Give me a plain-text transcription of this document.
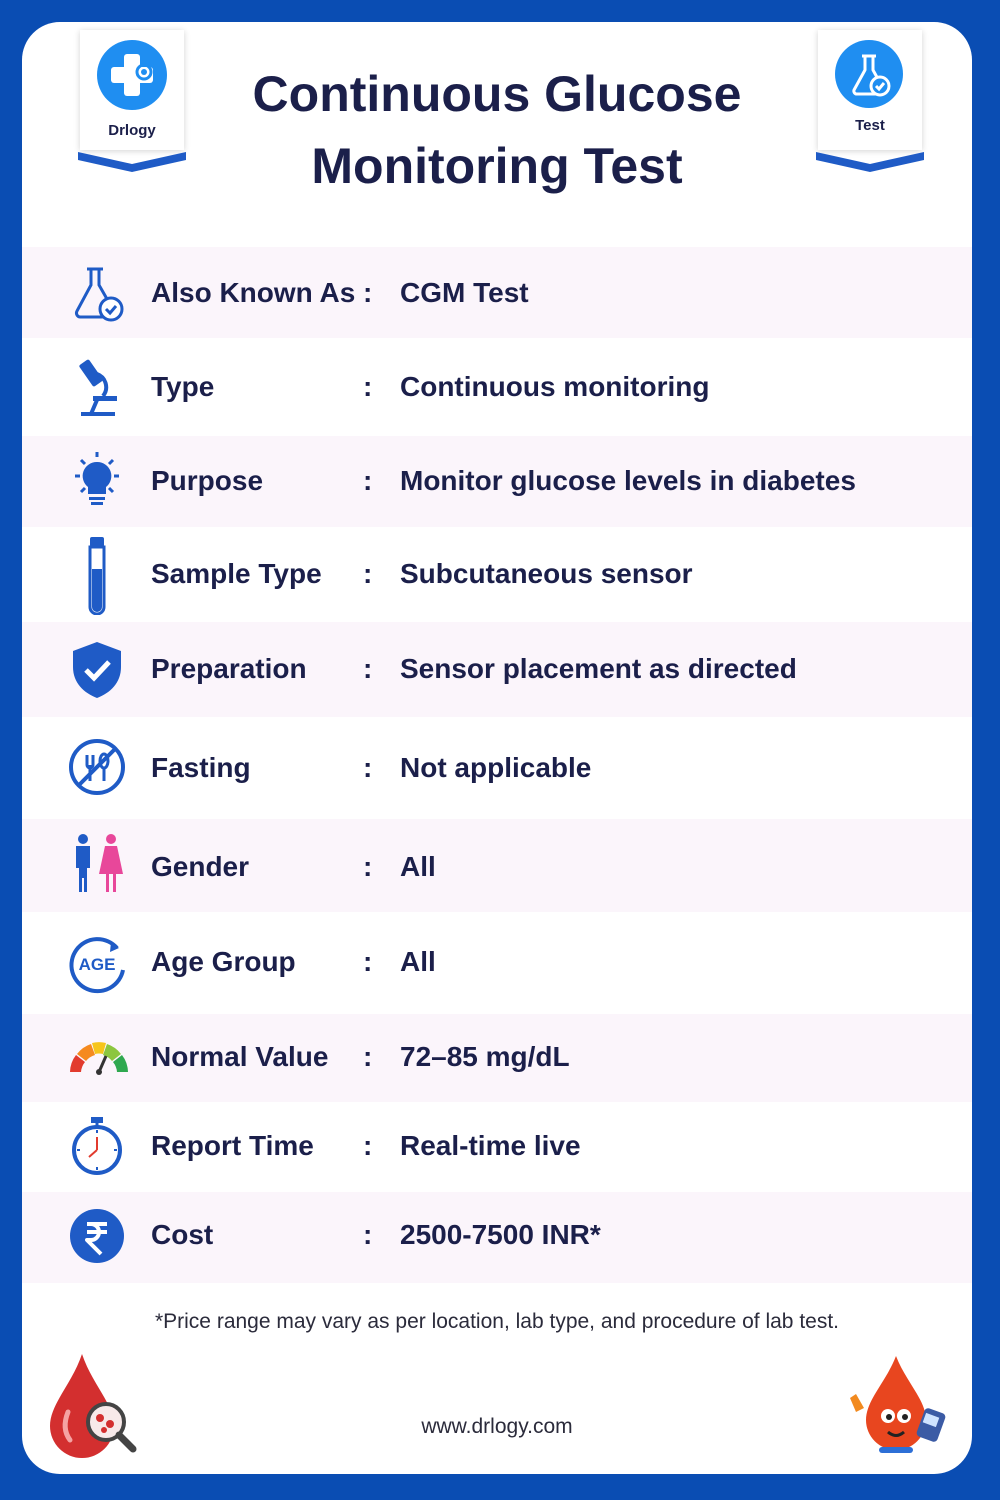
Drlogy
Continuous Glucose
Monitoring Test
Test
Also Known As : CGM Test
Type	: Continuous monitoring
Purpose	: Monitor glucose levels in diabetes
Sample Type : Subcutaneous sensor
Preparation : Sensor placement as directed
Fasting	: Not applicable
Gender	: All
AGE Age Group : All
Normal Value : 72–85 mg/dL
Report Time : Real-time live
Cost	: 2500-7500 INR*
*Price range may vary as per location, lab type, and procedure of lab test.
www.drlogy.com
